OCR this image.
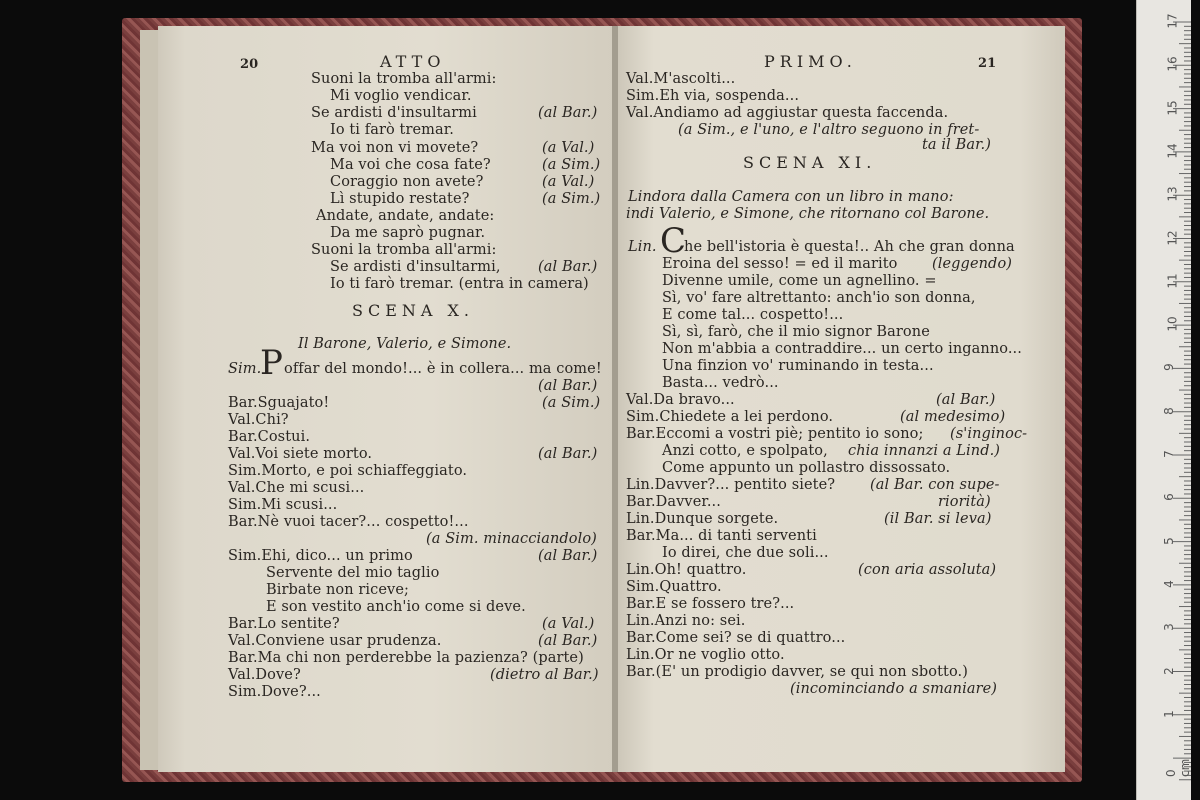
20	ATTO
Suoni la tromba all'armi:
Mi voglio vendicar.
Se ardisti d'insultarmi	(al Bar.)
Io ti farò tremar.
Ma voi non vi movete?	(a Val.)
Ma voi che cosa fate?	(a Sim.)
Coraggio non avete?	(a Val.)
Lì stupido restate?	(a Sim.)
Andate, andate, andate:
Da me saprò pugnar.
Suoni la tromba all'armi:
Se ardisti d'insultarmi,	(al Bar.)
Io ti farò tremar. (entra in camera)
SCENA X.
Il Barone, Valerio, e Simone.
Sim.
P offar del mondo!... è in collera... ma come!
(al Bar.)
Bar.Sguajato!	(a Sim.)
Val.Chi?
Bar.Costui.
Val.Voi siete morto.	(al Bar.)
Sim.Morto, e poi schiaffeggiato.
Val.Che mi scusi...
Sim.Mi scusi...
Bar.Nè vuoi tacer?... cospetto!...
(a Sim. minacciandolo)
Sim.Ehi, dico... un primo	(al Bar.)
Servente del mio taglio
Birbate non riceve;
E son vestito anch'io come si deve.
Bar.Lo sentite?	(a Val.)
Val.Conviene usar prudenza.	(al Bar.)
Bar.Ma chi non perderebbe la pazienza? (parte)
Val.Dove?	(dietro al Bar.)
Sim.Dove?...
PRIMO.	21
Val.M'ascolti...
Sim.Eh via, sospenda...
Val.Andiamo ad aggiustar questa faccenda.
(a Sim., e l'uno, e l'altro seguono in fret-
ta il Bar.)
SCENA XI.
Lindora dalla Camera con un libro in mano:
indi Valerio, e Simone, che ritornano col Barone.
Lin. C
he bell'istoria è questa!.. Ah che gran donna
Eroina del sesso! = ed il marito (leggendo)
Divenne umile, come un agnellino. =
Sì, vo' fare altrettanto: anch'io son donna,
E come tal... cospetto!...
Sì, sì, farò, che il mio signor Barone
Non m'abbia a contraddire... un certo inganno...
Una finzion vo' ruminando in testa...
Basta... vedrò...
Val.Da bravo...	(al Bar.)
Sim.Chiedete a lei perdono.	(al medesimo)
Bar.Eccomi a vostri piè; pentito io sono; (s'inginoc-
Anzi cotto, e spolpato, chia innanzi a Lind.)
Come appunto un pollastro dissossato.
Lin.Davver?... pentito siete? (al Bar. con supe-
Bar.Davver...	riorità)
Lin.Dunque sorgete.	(il Bar. si leva)
Bar.Ma... di tanti serventi
Io direi, che due soli...
Lin.Oh! quattro.	(con aria assoluta)
Sim.Quattro.
Bar.E se fossero tre?...
Lin.Anzi no: sei.
Bar.Come sei? se di quattro...
Lin.Or ne voglio otto.
Bar.(E' un prodigio davver, se qui non sbotto.)
(incominciando a smaniare)
17
16
15
14
13
12
11
10
9
8
7
6
5
4
3
2
1
0 cm
